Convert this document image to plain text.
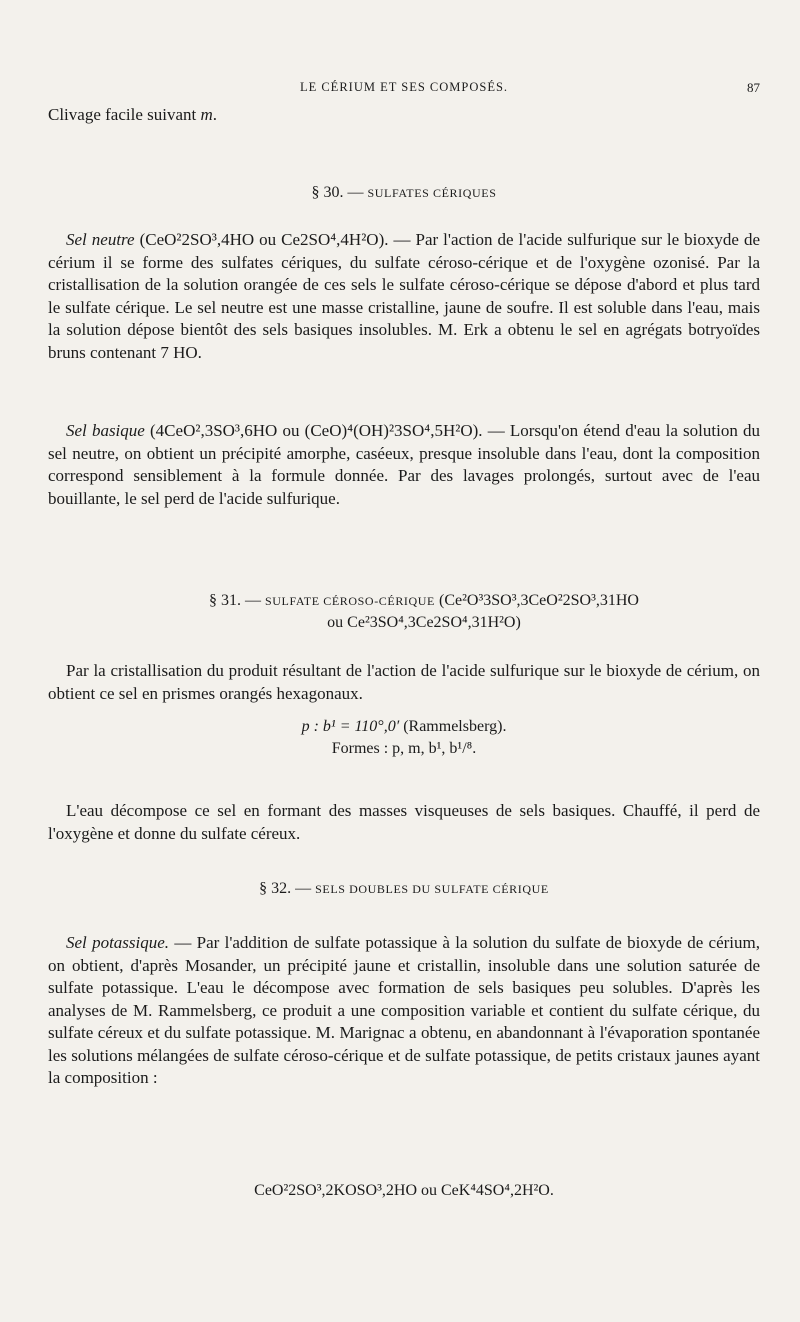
LE CÉRIUM ET SES COMPOSÉS.	87

Clivage facile suivant m.

§ 30. — SULFATES CÉRIQUES

Sel neutre (CeO²2SO³,4HO ou Ce2SO⁴,4H²O). — Par l'action de l'acide sulfurique sur le bioxyde de cérium il se forme des sulfates cériques, du sulfate céroso-cérique et de l'oxygène ozonisé. Par la cristallisation de la solution orangée de ces sels le sulfate céroso-cérique se dépose d'abord et plus tard le sulfate cérique. Le sel neutre est une masse cristalline, jaune de soufre. Il est soluble dans l'eau, mais la solution dépose bientôt des sels basiques insolubles. M. Erk a obtenu le sel en agrégats botryoïdes bruns contenant 7 HO.

Sel basique (4CeO²,3SO³,6HO ou (CeO)⁴(OH)²3SO⁴,5H²O). — Lorsqu'on étend d'eau la solution du sel neutre, on obtient un précipité amorphe, caséeux, presque insoluble dans l'eau, dont la composition correspond sensiblement à la formule donnée. Par des lavages prolongés, surtout avec de l'eau bouillante, le sel perd de l'acide sulfurique.

§ 31. — SULFATE CÉROSO-CÉRIQUE (Ce²O³3SO³,3CeO²2SO³,31HO
ou Ce²3SO⁴,3Ce2SO⁴,31H²O)

Par la cristallisation du produit résultant de l'action de l'acide sulfurique sur le bioxyde de cérium, on obtient ce sel en prismes orangés hexagonaux.

p : b¹ = 110°,0′ (Rammelsberg).
Formes : p, m, b¹, b¹/⁸.

L'eau décompose ce sel en formant des masses visqueuses de sels basiques. Chauffé, il perd de l'oxygène et donne du sulfate céreux.

§ 32. — SELS DOUBLES DU SULFATE CÉRIQUE

Sel potassique. — Par l'addition de sulfate potassique à la solution du sulfate de bioxyde de cérium, on obtient, d'après Mosander, un précipité jaune et cristallin, insoluble dans une solution saturée de sulfate potassique. L'eau le décompose avec formation de sels basiques peu solubles. D'après les analyses de M. Rammelsberg, ce produit a une composition variable et contient du sulfate cérique, du sulfate céreux et du sulfate potassique. M. Marignac a obtenu, en abandonnant à l'évaporation spontanée les solutions mélangées de sulfate céroso-cérique et de sulfate potassique, de petits cristaux jaunes ayant la composition :

CeO²2SO³,2KOSO³,2HO ou CeK⁴4SO⁴,2H²O.
